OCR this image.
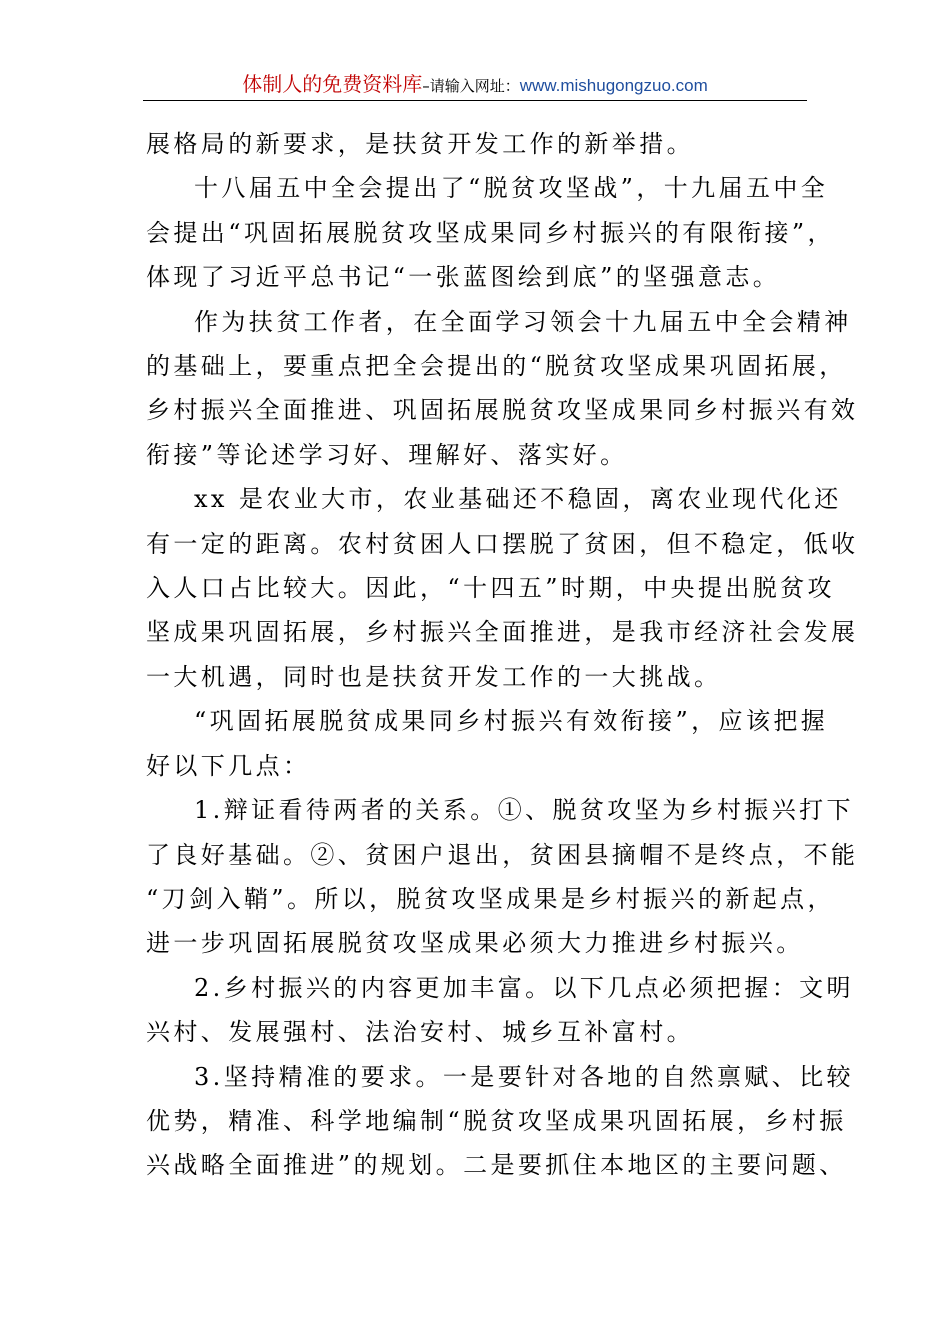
体制人的免费资料库–请输入网址：www.mishugongzuo.com
展格局的新要求，是扶贫开发工作的新举措。
十八届五中全会提出了“脱贫攻坚战”，十九届五中全
会提出“巩固拓展脱贫攻坚成果同乡村振兴的有限衔接”，
体现了习近平总书记“一张蓝图绘到底”的坚强意志。
作为扶贫工作者，在全面学习领会十九届五中全会精神
的基础上，要重点把全会提出的“脱贫攻坚成果巩固拓展，
乡村振兴全面推进、巩固拓展脱贫攻坚成果同乡村振兴有效
衔接”等论述学习好、理解好、落实好。
xx 是农业大市，农业基础还不稳固，离农业现代化还
有一定的距离。农村贫困人口摆脱了贫困，但不稳定，低收
入人口占比较大。因此，“十四五”时期，中央提出脱贫攻
坚成果巩固拓展，乡村振兴全面推进，是我市经济社会发展
一大机遇，同时也是扶贫开发工作的一大挑战。
“巩固拓展脱贫成果同乡村振兴有效衔接”，应该把握
好以下几点：
1.辩证看待两者的关系。①、脱贫攻坚为乡村振兴打下
了良好基础。②、贫困户退出，贫困县摘帽不是终点，不能
“刀剑入鞘”。所以，脱贫攻坚成果是乡村振兴的新起点，
进一步巩固拓展脱贫攻坚成果必须大力推进乡村振兴。
2.乡村振兴的内容更加丰富。以下几点必须把握：文明
兴村、发展强村、法治安村、城乡互补富村。
3.坚持精准的要求。一是要针对各地的自然禀赋、比较
优势，精准、科学地编制“脱贫攻坚成果巩固拓展，乡村振
兴战略全面推进”的规划。二是要抓住本地区的主要问题、
